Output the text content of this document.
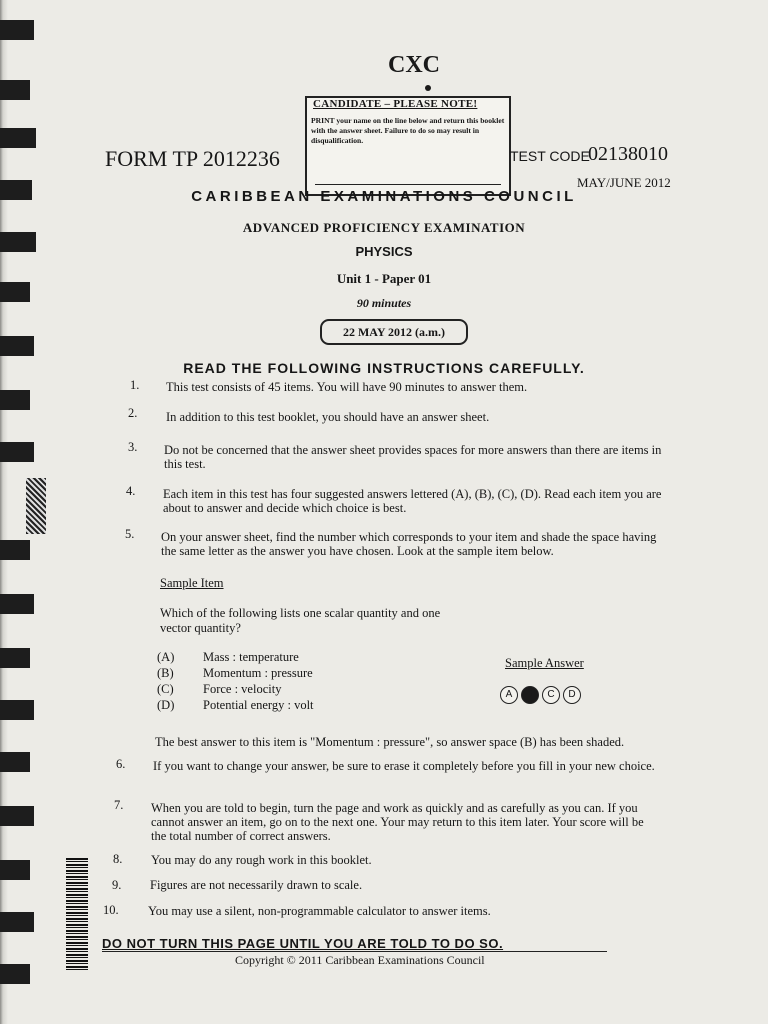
CXC
CANDIDATE – PLEASE NOTE!
PRINT your name on the line below and return this booklet with the answer sheet. Failure to do so may result in disqualification.
FORM TP 2012236	TEST CODE
02138010
MAY/JUNE 2012
CARIBBEAN EXAMINATIONS COUNCIL
ADVANCED PROFICIENCY EXAMINATION
PHYSICS
Unit 1 - Paper 01
90 minutes
22 MAY 2012 (a.m.)
READ THE FOLLOWING INSTRUCTIONS CAREFULLY.
1. This test consists of 45 items. You will have 90 minutes to answer them.
2. In addition to this test booklet, you should have an answer sheet.
3. Do not be concerned that the answer sheet provides spaces for more answers than there are items in this test.
4. Each item in this test has four suggested answers lettered (A), (B), (C), (D). Read each item you are about to answer and decide which choice is best.
5. On your answer sheet, find the number which corresponds to your item and shade the space having the same letter as the answer you have chosen. Look at the sample item below.
Sample Item
Which of the following lists one scalar quantity and one vector quantity?
(A) Mass : temperature
(B) Momentum : pressure
(C) Force : velocity
(D) Potential energy : volt
Sample Answer
A B C D
The best answer to this item is "Momentum : pressure", so answer space (B) has been shaded.
6. If you want to change your answer, be sure to erase it completely before you fill in your new choice.
7. When you are told to begin, turn the page and work as quickly and as carefully as you can. If you cannot answer an item, go on to the next one. Your may return to this item later. Your score will be the total number of correct answers.
8. You may do any rough work in this booklet.
9. Figures are not necessarily drawn to scale.
10. You may use a silent, non-programmable calculator to answer items.
DO NOT TURN THIS PAGE UNTIL YOU ARE TOLD TO DO SO.
Copyright © 2011 Caribbean Examinations Council
